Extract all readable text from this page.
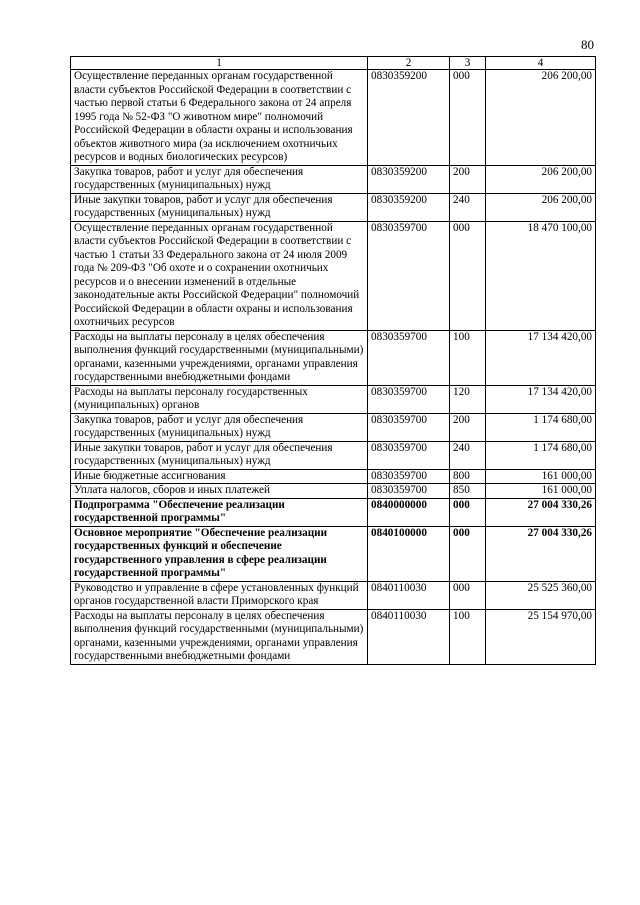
80
1	2	3	4
Осуществление переданных органам государственной власти субъектов Российской Федерации в соответствии с частью первой статьи 6 Федерального закона от 24 апреля 1995 года № 52-ФЗ "О животном мире" полномочий Российской Федерации в области охраны и использования объектов животного мира (за исключением охотничьих ресурсов и водных биологических ресурсов)	0830359200	000	206 200,00
Закупка товаров, работ и услуг для обеспечения государственных (муниципальных) нужд	0830359200	200	206 200,00
Иные закупки товаров, работ и услуг для обеспечения государственных (муниципальных) нужд	0830359200	240	206 200,00
Осуществление переданных органам государственной власти субъектов Российской Федерации в соответствии с частью 1 статьи 33 Федерального закона от 24 июля 2009 года № 209-ФЗ "Об охоте и о сохранении охотничьих ресурсов и о внесении изменений в отдельные законодательные акты Российской Федерации" полномочий Российской Федерации в области охраны и использования охотничьих ресурсов	0830359700	000	18 470 100,00
Расходы на выплаты персоналу в целях обеспечения выполнения функций государственными (муниципальными) органами, казенными учреждениями, органами управления государственными внебюджетными фондами	0830359700	100	17 134 420,00
Расходы на выплаты персоналу государственных (муниципальных) органов	0830359700	120	17 134 420,00
Закупка товаров, работ и услуг для обеспечения государственных (муниципальных) нужд	0830359700	200	1 174 680,00
Иные закупки товаров, работ и услуг для обеспечения государственных (муниципальных) нужд	0830359700	240	1 174 680,00
Иные бюджетные ассигнования	0830359700	800	161 000,00
Уплата налогов, сборов и иных платежей	0830359700	850	161 000,00
Подпрограмма "Обеспечение реализации государственной программы"	0840000000	000	27 004 330,26
Основное мероприятие "Обеспечение реализации государственных функций и обеспечение государственного управления в сфере реализации государственной программы"	0840100000	000	27 004 330,26
Руководство и управление в сфере установленных функций органов государственной власти Приморского края	0840110030	000	25 525 360,00
Расходы на выплаты персоналу в целях обеспечения выполнения функций государственными (муниципальными) органами, казенными учреждениями, органами управления государственными внебюджетными фондами	0840110030	100	25 154 970,00
